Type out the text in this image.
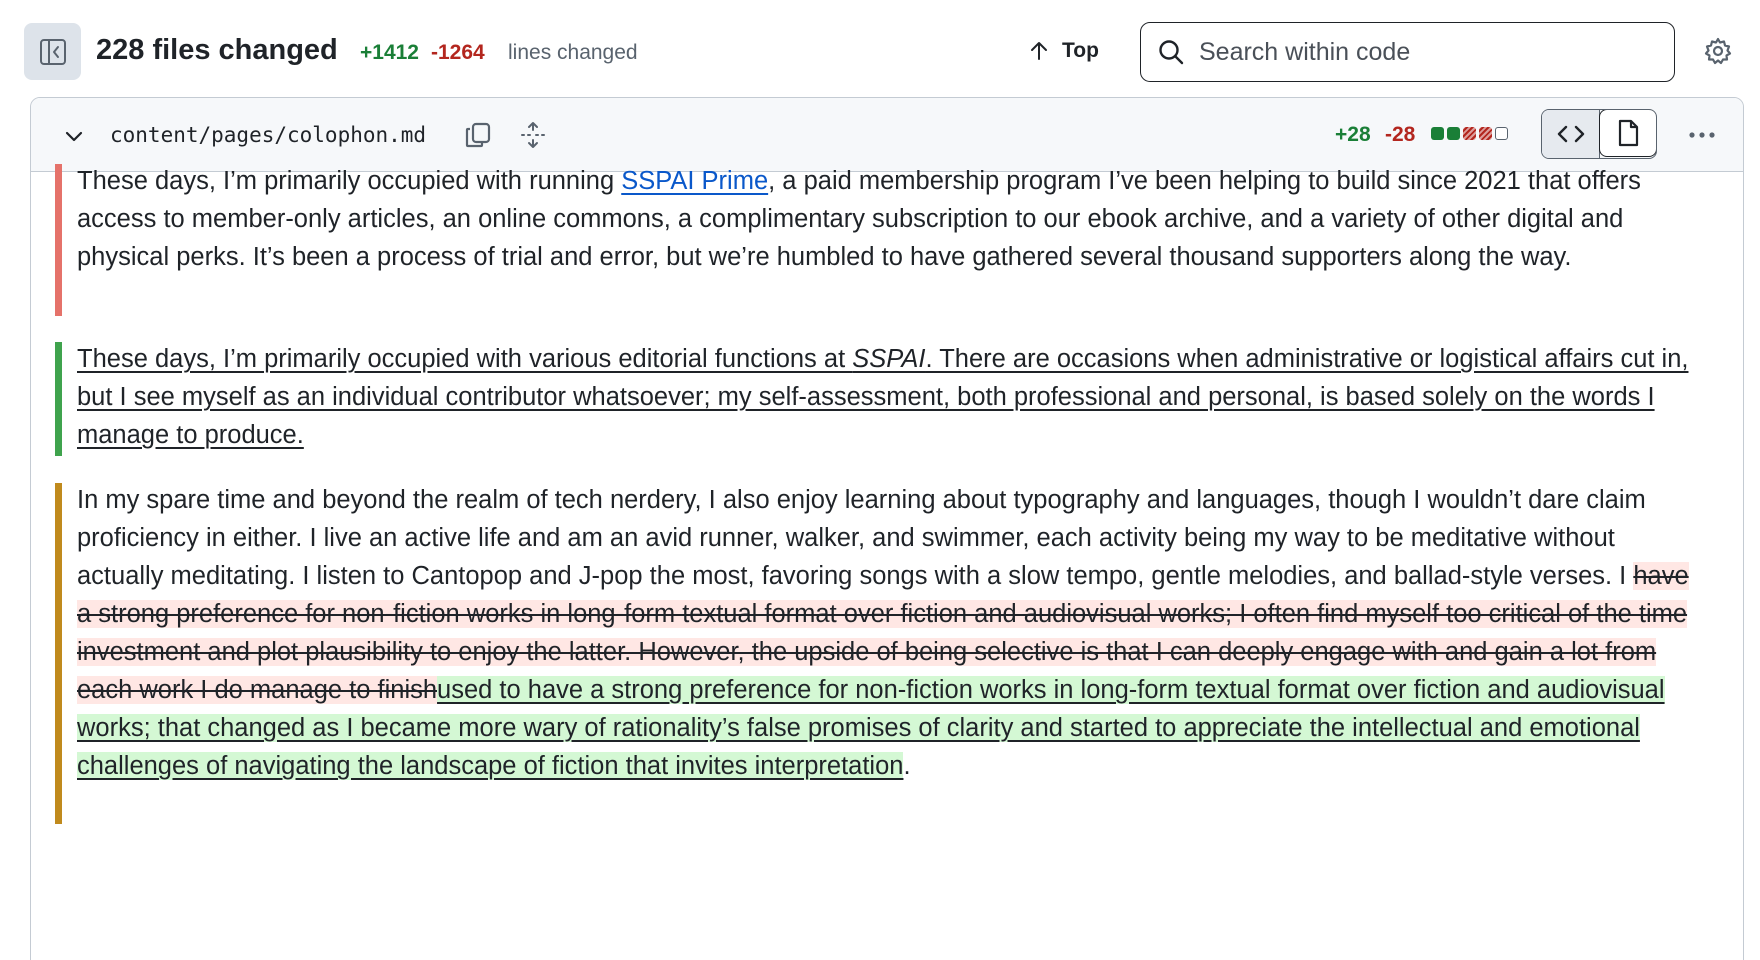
228 files changed +1412 -1264 lines changed	Top
Search within code
content/pages/colophon.md	+28 -28

These days, I’m primarily occupied with running SSPAI Prime, a paid membership program I’ve been helping to build since 2021 that offers access to member-only articles, an online commons, a complimentary subscription to our ebook archive, and a variety of other digital and physical perks. It’s been a process of trial and error, but we’re humbled to have gathered several thousand supporters along the way.

These days, I’m primarily occupied with various editorial functions at SSPAI. There are occasions when administrative or logistical affairs cut in, but I see myself as an individual contributor whatsoever; my self-assessment, both professional and personal, is based solely on the words I manage to produce.

In my spare time and beyond the realm of tech nerdery, I also enjoy learning about typography and languages, though I wouldn’t dare claim proficiency in either. I live an active life and am an avid runner, walker, and swimmer, each activity being my way to be meditative without actually meditating. I listen to Cantopop and J-pop the most, favoring songs with a slow tempo, gentle melodies, and ballad-style verses. I have a strong preference for non-fiction works in long-form textual format over fiction and audiovisual works; I often find myself too critical of the time investment and plot plausibility to enjoy the latter. However, the upside of being selective is that I can deeply engage with and gain a lot from each work I do manage to finishused to have a strong preference for non-fiction works in long-form textual format over fiction and audiovisual works; that changed as I became more wary of rationality’s false promises of clarity and started to appreciate the intellectual and emotional challenges of navigating the landscape of fiction that invites interpretation.
